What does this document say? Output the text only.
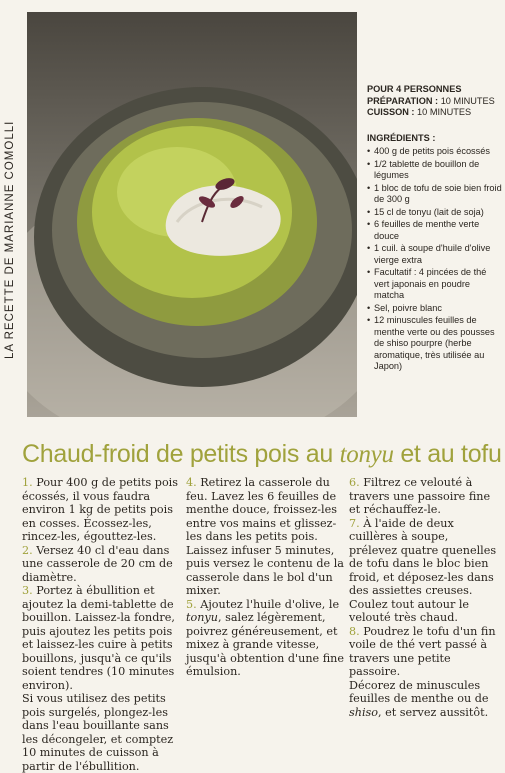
LA RECETTE DE MARIANNE COMOLLI
POUR 4 PERSONNES
PRÉPARATION : 10 MINUTES
CUISSON : 10 MINUTES
INGRÉDIENTS :
• 400 g de petits pois écossés
• 1/2 tablette de bouillon de légumes
• 1 bloc de tofu de soie bien froid de 300 g
• 15 cl de tonyu (lait de soja)
• 6 feuilles de menthe verte douce
• 1 cuil. à soupe d'huile d'olive vierge extra
• Facultatif : 4 pincées de thé vert japonais en poudre matcha
• Sel, poivre blanc
• 12 minuscules feuilles de menthe verte ou des pousses de shiso pourpre (herbe aromatique, très utilisée au Japon)
Chaud-froid de petits pois au tonyu et au tofu

1. Pour 400 g de petits pois écossés, il vous faudra environ 1 kg de petits pois en cosses. Écossez-les, rincez-les, égouttez-les.

2. Versez 40 cl d'eau dans une casserole de 20 cm de diamètre.

3. Portez à ébullition et ajoutez la demi-tablette de bouillon. Laissez-la fondre, puis ajoutez les petits pois et laissez-les cuire à petits bouillons, jusqu'à ce qu'ils soient tendres (10 minutes environ).

Si vous utilisez des petits pois surgelés, plongez-les dans l'eau bouillante sans les décongeler, et comptez 10 minutes de cuisson à partir de l'ébullition.

4. Retirez la casserole du feu. Lavez les 6 feuilles de menthe douce, froissez-les entre vos mains et glissez-les dans les petits pois. Laissez infuser 5 minutes, puis versez le contenu de la casserole dans le bol d'un mixer.

5. Ajoutez l'huile d'olive, le tonyu, salez légèrement, poivrez généreusement, et mixez à grande vitesse, jusqu'à obtention d'une fine émulsion.

6. Filtrez ce velouté à travers une passoire fine et réchauffez-le.

7. À l'aide de deux cuillères à soupe, prélevez quatre quenelles de tofu dans le bloc bien froid, et déposez-les dans des assiettes creuses.

Coulez tout autour le velouté très chaud.

8. Poudrez le tofu d'un fin voile de thé vert passé à travers une petite passoire.

Décorez de minuscules feuilles de menthe ou de shiso, et servez aussitôt.
